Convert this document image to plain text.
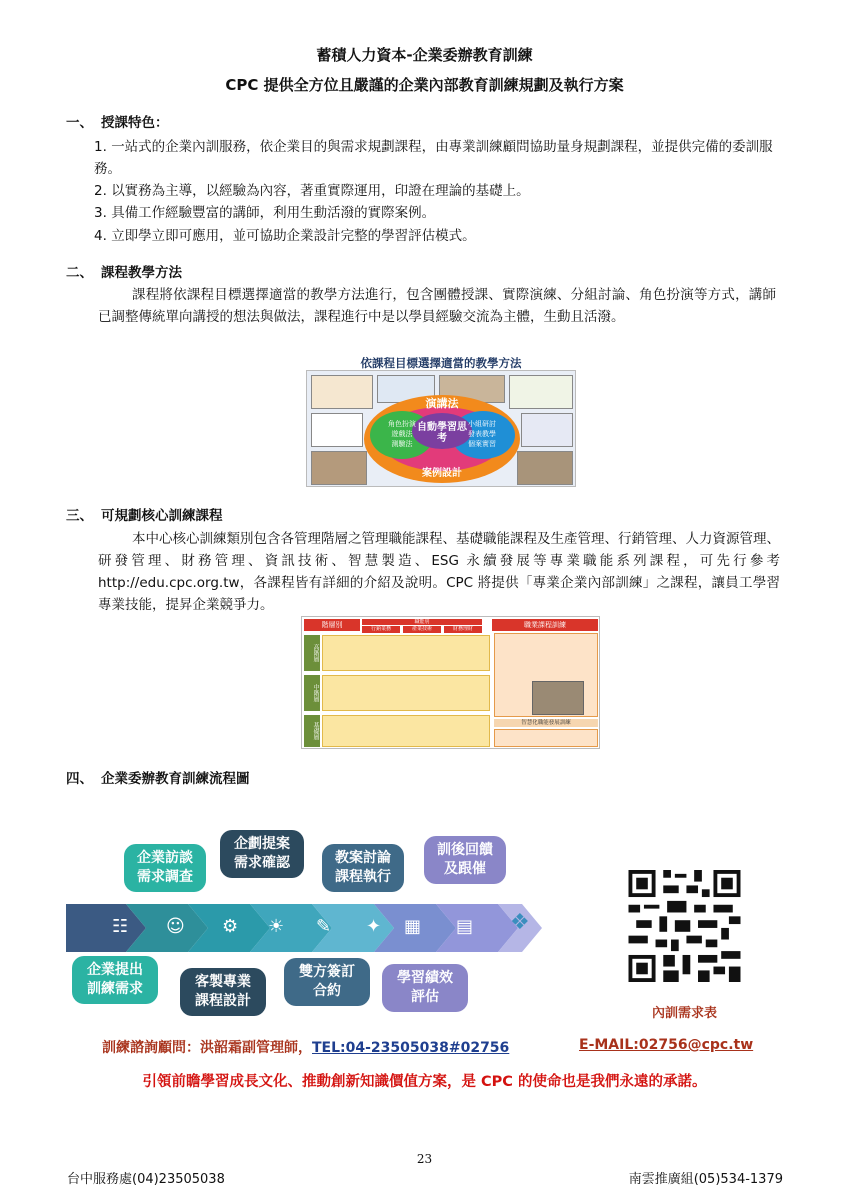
蓄積人力資本-企業委辦教育訓練
CPC 提供全方位且嚴謹的企業內部教育訓練規劃及執行方案
一、 授課特色：
1. 一站式的企業內訓服務，依企業目的與需求規劃課程，由專業訓練顧問協助量身規劃課程，並提供完備的委訓服務。
2. 以實務為主導，以經驗為內容，著重實際運用，印證在理論的基礎上。
3. 具備工作經驗豐富的講師，利用生動活潑的實際案例。
4. 立即學立即可應用，並可協助企業設計完整的學習評估模式。
二、 課程教學方法
課程將依課程目標選擇適當的教學方法進行，包含團體授課、實際演練、分組討論、角色扮演等方式，講師已調整傳統單向講授的想法與做法，課程進行中是以學員經驗交流為主體，生動且活潑。
依課程目標選擇適當的教學方法
演講法
自動學習思考
案例設計
角色扮演
遊戲法
測驗法
小組研討
發表教學
個案實習
三、 可規劃核心訓練課程
本中心核心訓練類別包含各管理階層之管理職能課程、基礎職能課程及生產管理、行銷管理、人力資源管理、研發管理、財務管理、資訊技術、智慧製造、ESG 永續發展等專業職能系列課程，可先行參考 http://edu.cpc.org.tw，各課程皆有詳細的介紹及說明。CPC 將提供「專業企業內部訓練」之課程，讓員工學習專業技能，提昇企業競爭力。
階層別	職能別
行銷業務	產業技術	財務理財	職業課程訓練
高階層
中階層
基礎層	智慧化職能發展訓練
四、 企業委辦教育訓練流程圖
☷ ☺ ⚙ ☀ ✎ ✦ ▦ ▤ ❖
企業訪談
需求調查
企劃提案
需求確認	教案討論
課程執行
訓後回饋
及跟催
企業提出
訓練需求	客製專業
課程設計
雙方簽訂
合約
學習績效
評估
內訓需求表
訓練諮詢顧問：洪韶霜副管理師，TEL:04-23505038#02756	E-MAIL:02756@cpc.tw
引領前瞻學習成長文化、推動創新知識價值方案，是 CPC 的使命也是我們永遠的承諾。
23
台中服務處(04)23505038	南雲推廣組(05)534-1379
